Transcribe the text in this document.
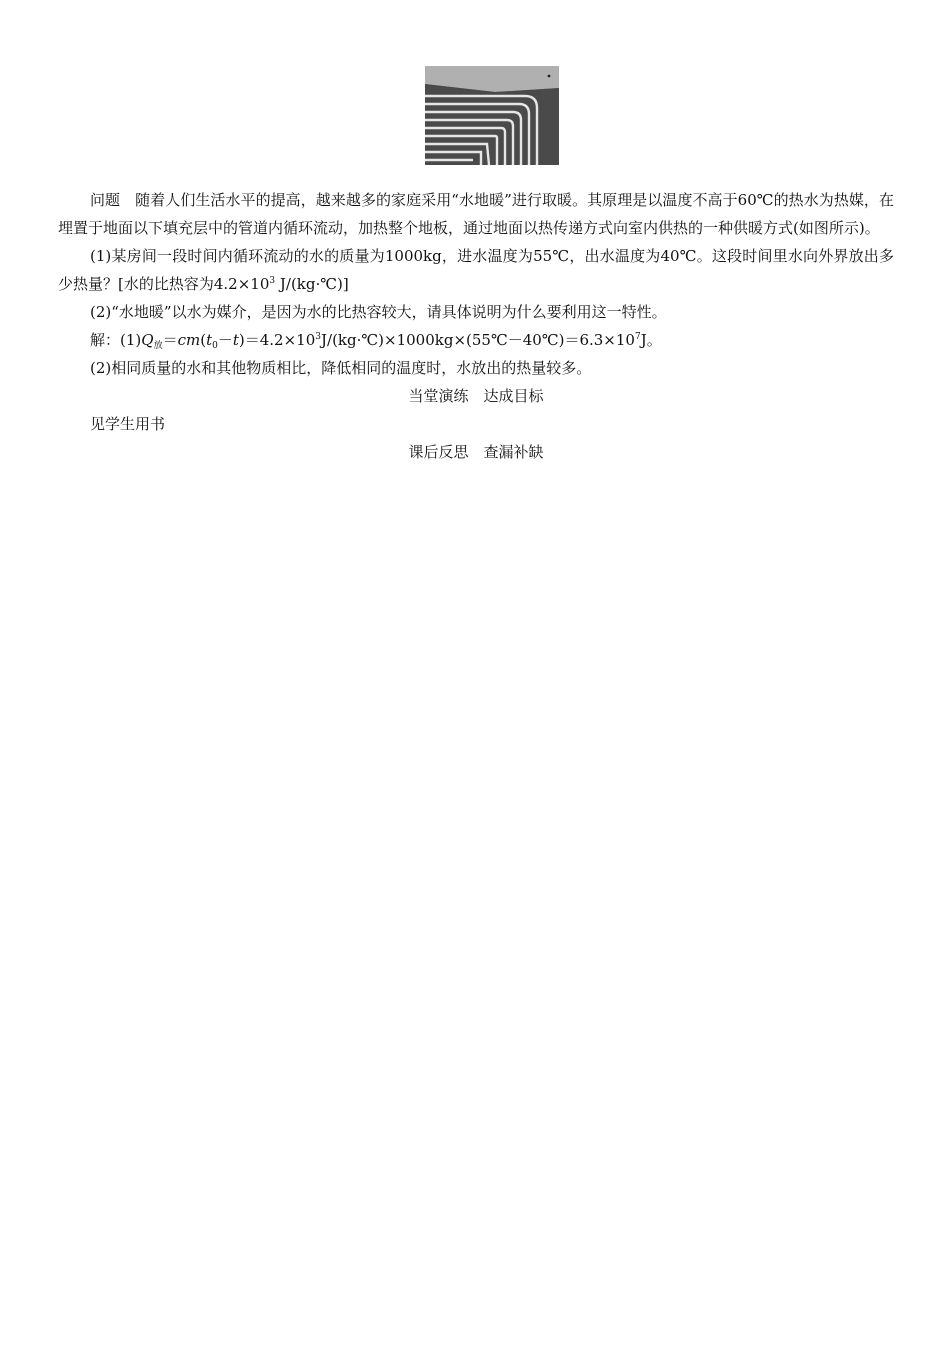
问题　随着人们生活水平的提高，越来越多的家庭采用“水地暖”进行取暖。其原理是以温度不高于60℃的热水为热媒，在埋置于地面以下填充层中的管道内循环流动，加热整个地板，通过地面以热传递方式向室内供热的一种供暖方式(如图所示)。

(1)某房间一段时间内循环流动的水的质量为1000kg，进水温度为55℃，出水温度为40℃。这段时间里水向外界放出多少热量？[水的比热容为$4.2\times 10^3$ J/(kg·℃)]

(2)“水地暖”以水为媒介，是因为水的比热容较大，请具体说明为什么要利用这一特性。

解：$(1)Q_放=cm(t_0-t)=4.2\times 10^3J/(kg\cdot℃)\times 1000kg\times(55℃-40℃)=6.3\times 10^7J$。

(2)相同质量的水和其他物质相比，降低相同的温度时，水放出的热量较多。

当堂演练　达成目标

见学生用书

课后反思　查漏补缺
